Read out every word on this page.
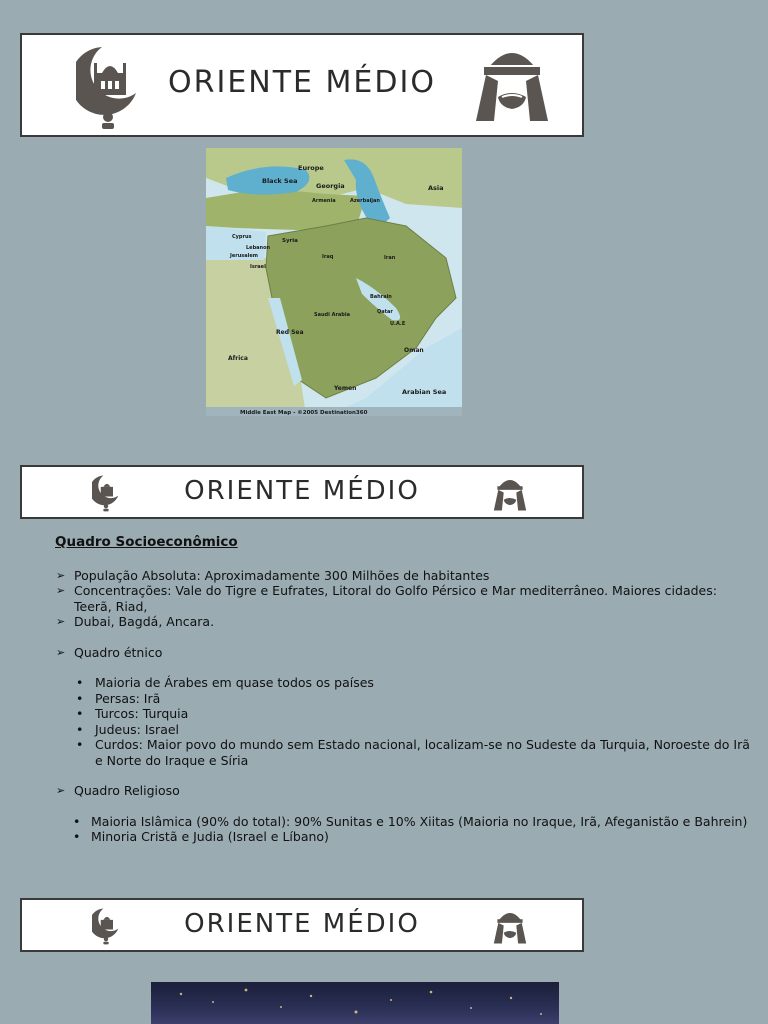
ORIENTE MÉDIO
Europe
Black Sea
Georgia	Asia
Armenia	Azerbaijan
Cyprus
Syria
Lebanon
Iraq
Jerusalem	Iran
Israel
Bahrain
Qatar
Saudi Arabia
U.A.E
Red Sea
Africa
Oman
Yemen	Arabian Sea
Middle East Map - ©2005 Destination360
ORIENTE MÉDIO
Quadro Socioeconômico
➢ População Absoluta: Aproximadamente 300 Milhões de habitantes
➢ Concentrações: Vale do Tigre e Eufrates, Litoral do Golfo Pérsico e Mar mediterrâneo. Maiores cidades: Teerã, Riad,
➢ Dubai, Bagdá, Ancara.
➢ Quadro étnico
• Maioria de Árabes em quase todos os países
• Persas: Irã
• Turcos: Turquia
• Judeus: Israel
• Curdos: Maior povo do mundo sem Estado nacional, localizam-se no Sudeste da Turquia, Noroeste do Irã e Norte do Iraque e Síria
➢ Quadro Religioso
• Maioria Islâmica (90% do total): 90% Sunitas e 10% Xiitas (Maioria no Iraque, Irã, Afeganistão e Bahrein)
• Minoria Cristã e Judia (Israel e Líbano)
ORIENTE MÉDIO
